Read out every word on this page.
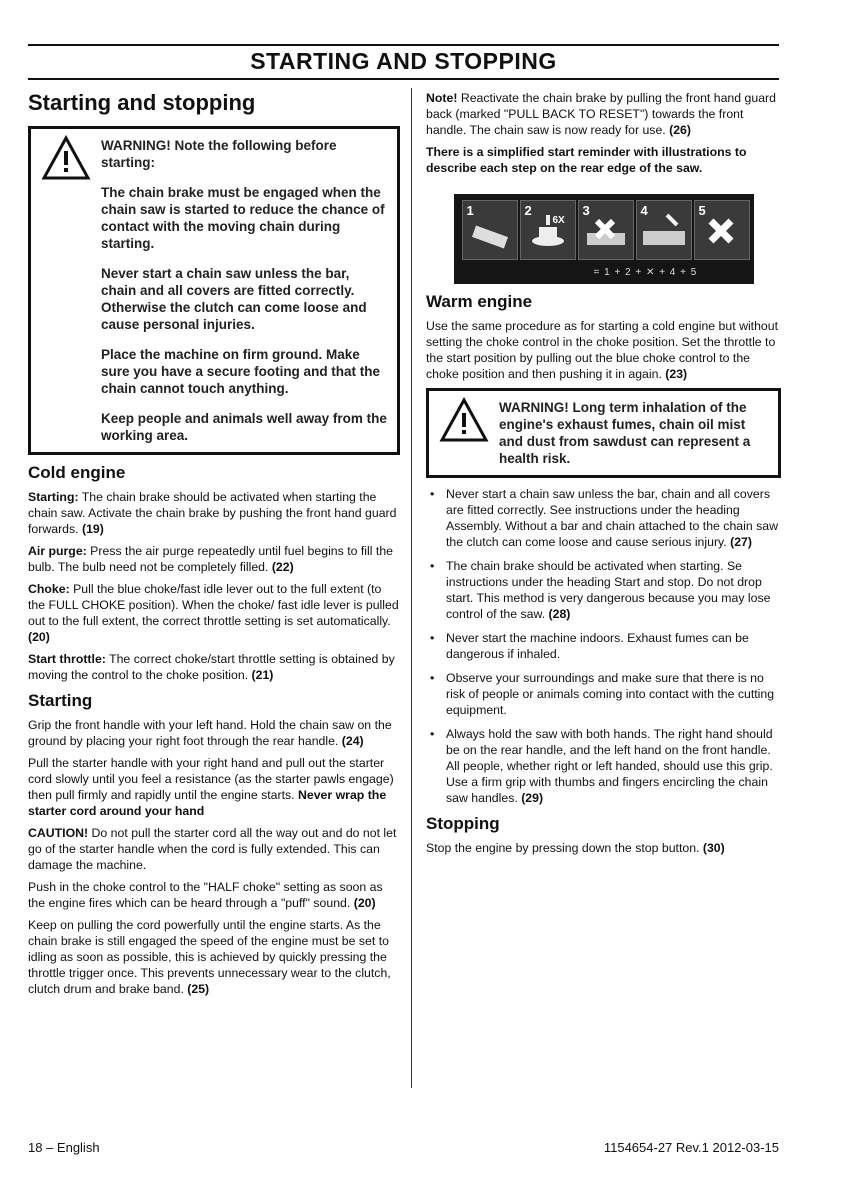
STARTING AND STOPPING
Starting and stopping

WARNING! Note the following before starting:

The chain brake must be engaged when the chain saw is started to reduce the chance of contact with the moving chain during starting.

Never start a chain saw unless the bar, chain and all covers are fitted correctly. Otherwise the clutch can come loose and cause personal injuries.

Place the machine on firm ground. Make sure you have a secure footing and that the chain cannot touch anything.

Keep people and animals well away from the working area.

Cold engine

Starting: The chain brake should be activated when starting the chain saw. Activate the chain brake by pushing the front hand guard forwards. (19)

Air purge: Press the air purge repeatedly until fuel begins to fill the bulb. The bulb need not be completely filled. (22)

Choke: Pull the blue choke/fast idle lever out to the full extent (to the FULL CHOKE position). When the choke/ fast idle lever is pulled out to the full extent, the correct throttle setting is set automatically. (20)

Start throttle: The correct choke/start throttle setting is obtained by moving the control to the choke position. (21)

Starting

Grip the front handle with your left hand. Hold the chain saw on the ground by placing your right foot through the rear handle. (24)

Pull the starter handle with your right hand and pull out the starter cord slowly until you feel a resistance (as the starter pawls engage) then pull firmly and rapidly until the engine starts. Never wrap the starter cord around your hand

CAUTION! Do not pull the starter cord all the way out and do not let go of the starter handle when the cord is fully extended. This can damage the machine.

Push in the choke control to the "HALF choke" setting as soon as the engine fires which can be heard through a "puff" sound. (20)

Keep on pulling the cord powerfully until the engine starts. As the chain brake is still engaged the speed of the engine must be set to idling as soon as possible, this is achieved by quickly pressing the throttle trigger once. This prevents unnecessary wear to the clutch, clutch drum and brake band. (25)

Note! Reactivate the chain brake by pulling the front hand guard back (marked "PULL BACK TO RESET") towards the front handle. The chain saw is now ready for use. (26)

There is a simplified start reminder with illustrations to describe each step on the rear edge of the saw.

1	2
6X
3	4	5
= 1 + 2 + ✕ + 4 + 5
Warm engine

Use the same procedure as for starting a cold engine but without setting the choke control in the choke position. Set the throttle to the start position by pulling out the blue choke control to the choke position and then pushing it in again. (23)

WARNING! Long term inhalation of the engine's exhaust fumes, chain oil mist and dust from sawdust can represent a health risk.

• Never start a chain saw unless the bar, chain and all covers are fitted correctly. See instructions under the heading Assembly. Without a bar and chain attached to the chain saw the clutch can come loose and cause serious injury. (27)
• The chain brake should be activated when starting. Se instructions under the heading Start and stop. Do not drop start. This method is very dangerous because you may lose control of the saw. (28)
• Never start the machine indoors. Exhaust fumes can be dangerous if inhaled.
• Observe your surroundings and make sure that there is no risk of people or animals coming into contact with the cutting equipment.
• Always hold the saw with both hands. The right hand should be on the rear handle, and the left hand on the front handle. All people, whether right or left handed, should use this grip. Use a firm grip with thumbs and fingers encircling the chain saw handles. (29)
Stopping

Stop the engine by pressing down the stop button. (30)

18 – English	1154654-27 Rev.1 2012-03-15
